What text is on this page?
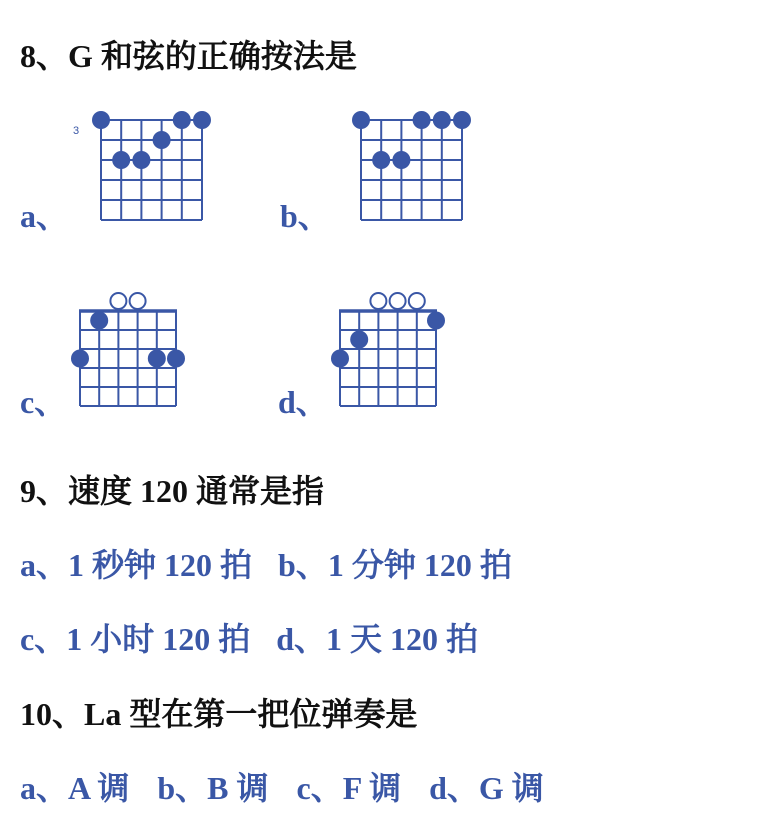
8、G 和弦的正确按法是

a、
3
b、
c、	d、

9、速度 120 通常是指

a、1 秒钟 120 拍 b、1 分钟 120 拍

c、1 小时 120 拍 d、1 天 120 拍

10、La 型在第一把位弹奏是

a、A 调 b、B 调 c、F 调 d、G 调
